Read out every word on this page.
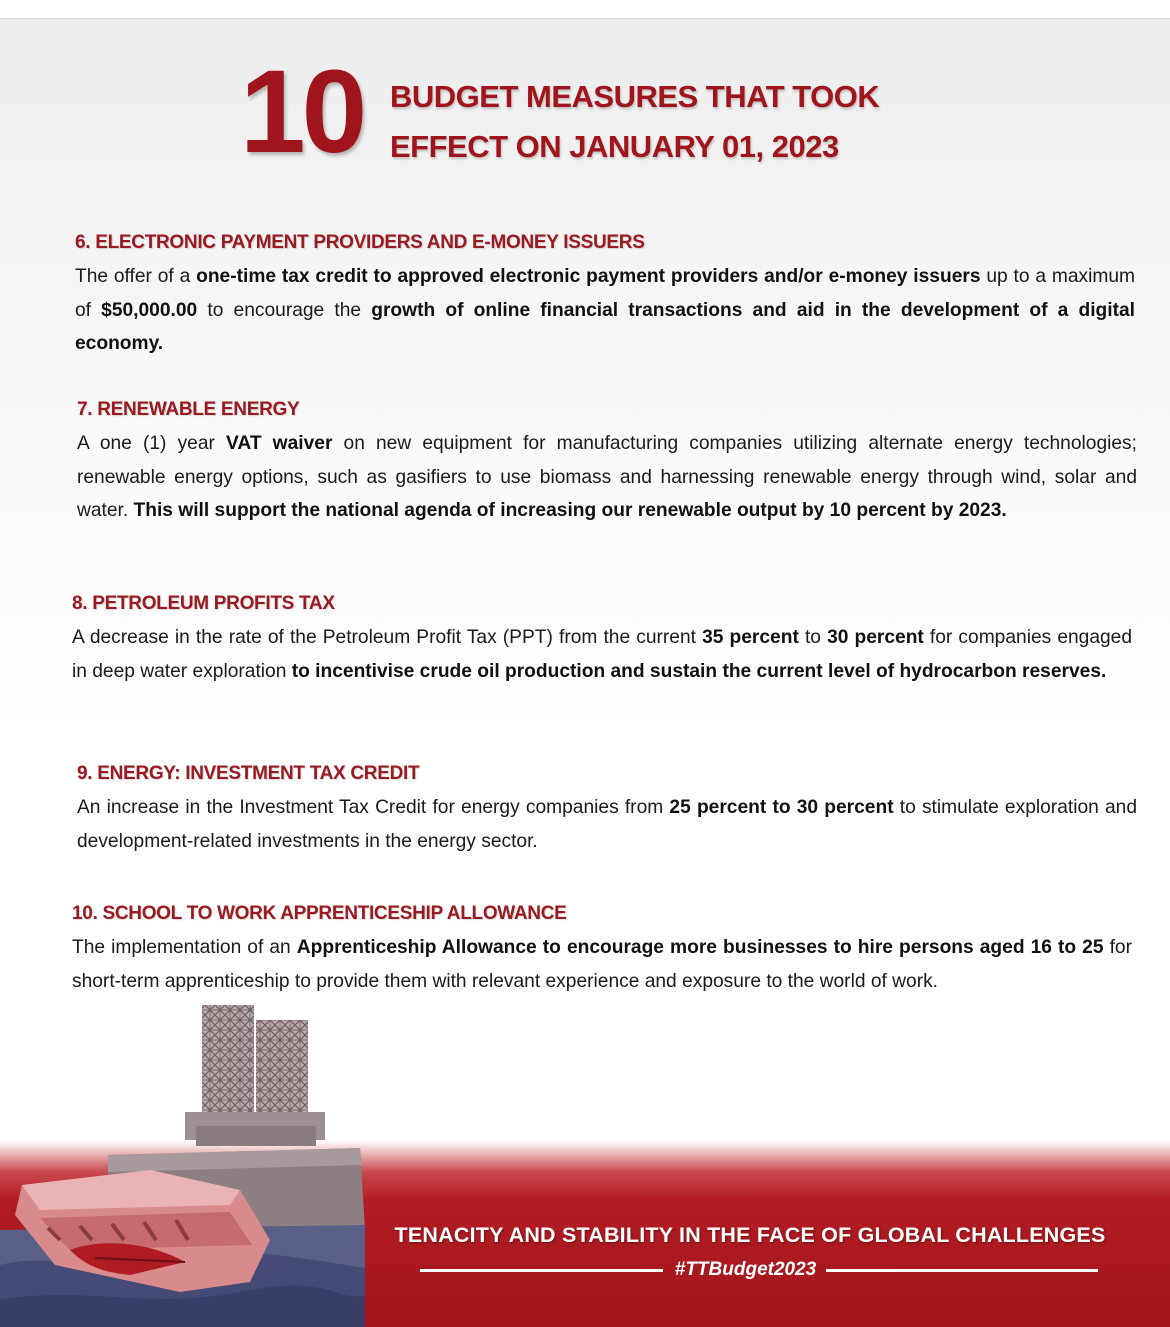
10 BUDGET MEASURES THAT TOOK
EFFECT ON JANUARY 01, 2023
6. ELECTRONIC PAYMENT PROVIDERS AND E-MONEY ISSUERS
The offer of a one-time tax credit to approved electronic payment providers and/or e-money issuers up to a maximum of $50,000.00 to encourage the growth of online financial transactions and aid in the development of a digital economy.
7. RENEWABLE ENERGY
A one (1) year VAT waiver on new equipment for manufacturing companies utilizing alternate energy technologies; renewable energy options, such as gasifiers to use biomass and harnessing renewable energy through wind, solar and water. This will support the national agenda of increasing our renewable output by 10 percent by 2023.
8. PETROLEUM PROFITS TAX
A decrease in the rate of the Petroleum Profit Tax (PPT) from the current 35 percent to 30 percent for companies engaged in deep water exploration to incentivise crude oil production and sustain the current level of hydrocarbon reserves.
9. ENERGY: INVESTMENT TAX CREDIT
An increase in the Investment Tax Credit for energy companies from 25 percent to 30 percent to stimulate exploration and development-related investments in the energy sector.
10. SCHOOL TO WORK APPRENTICESHIP ALLOWANCE
The implementation of an Apprenticeship Allowance to encourage more businesses to hire persons aged 16 to 25 for short-term apprenticeship to provide them with relevant experience and exposure to the world of work.
TENACITY AND STABILITY IN THE FACE OF GLOBAL CHALLENGES
#TTBudget2023
